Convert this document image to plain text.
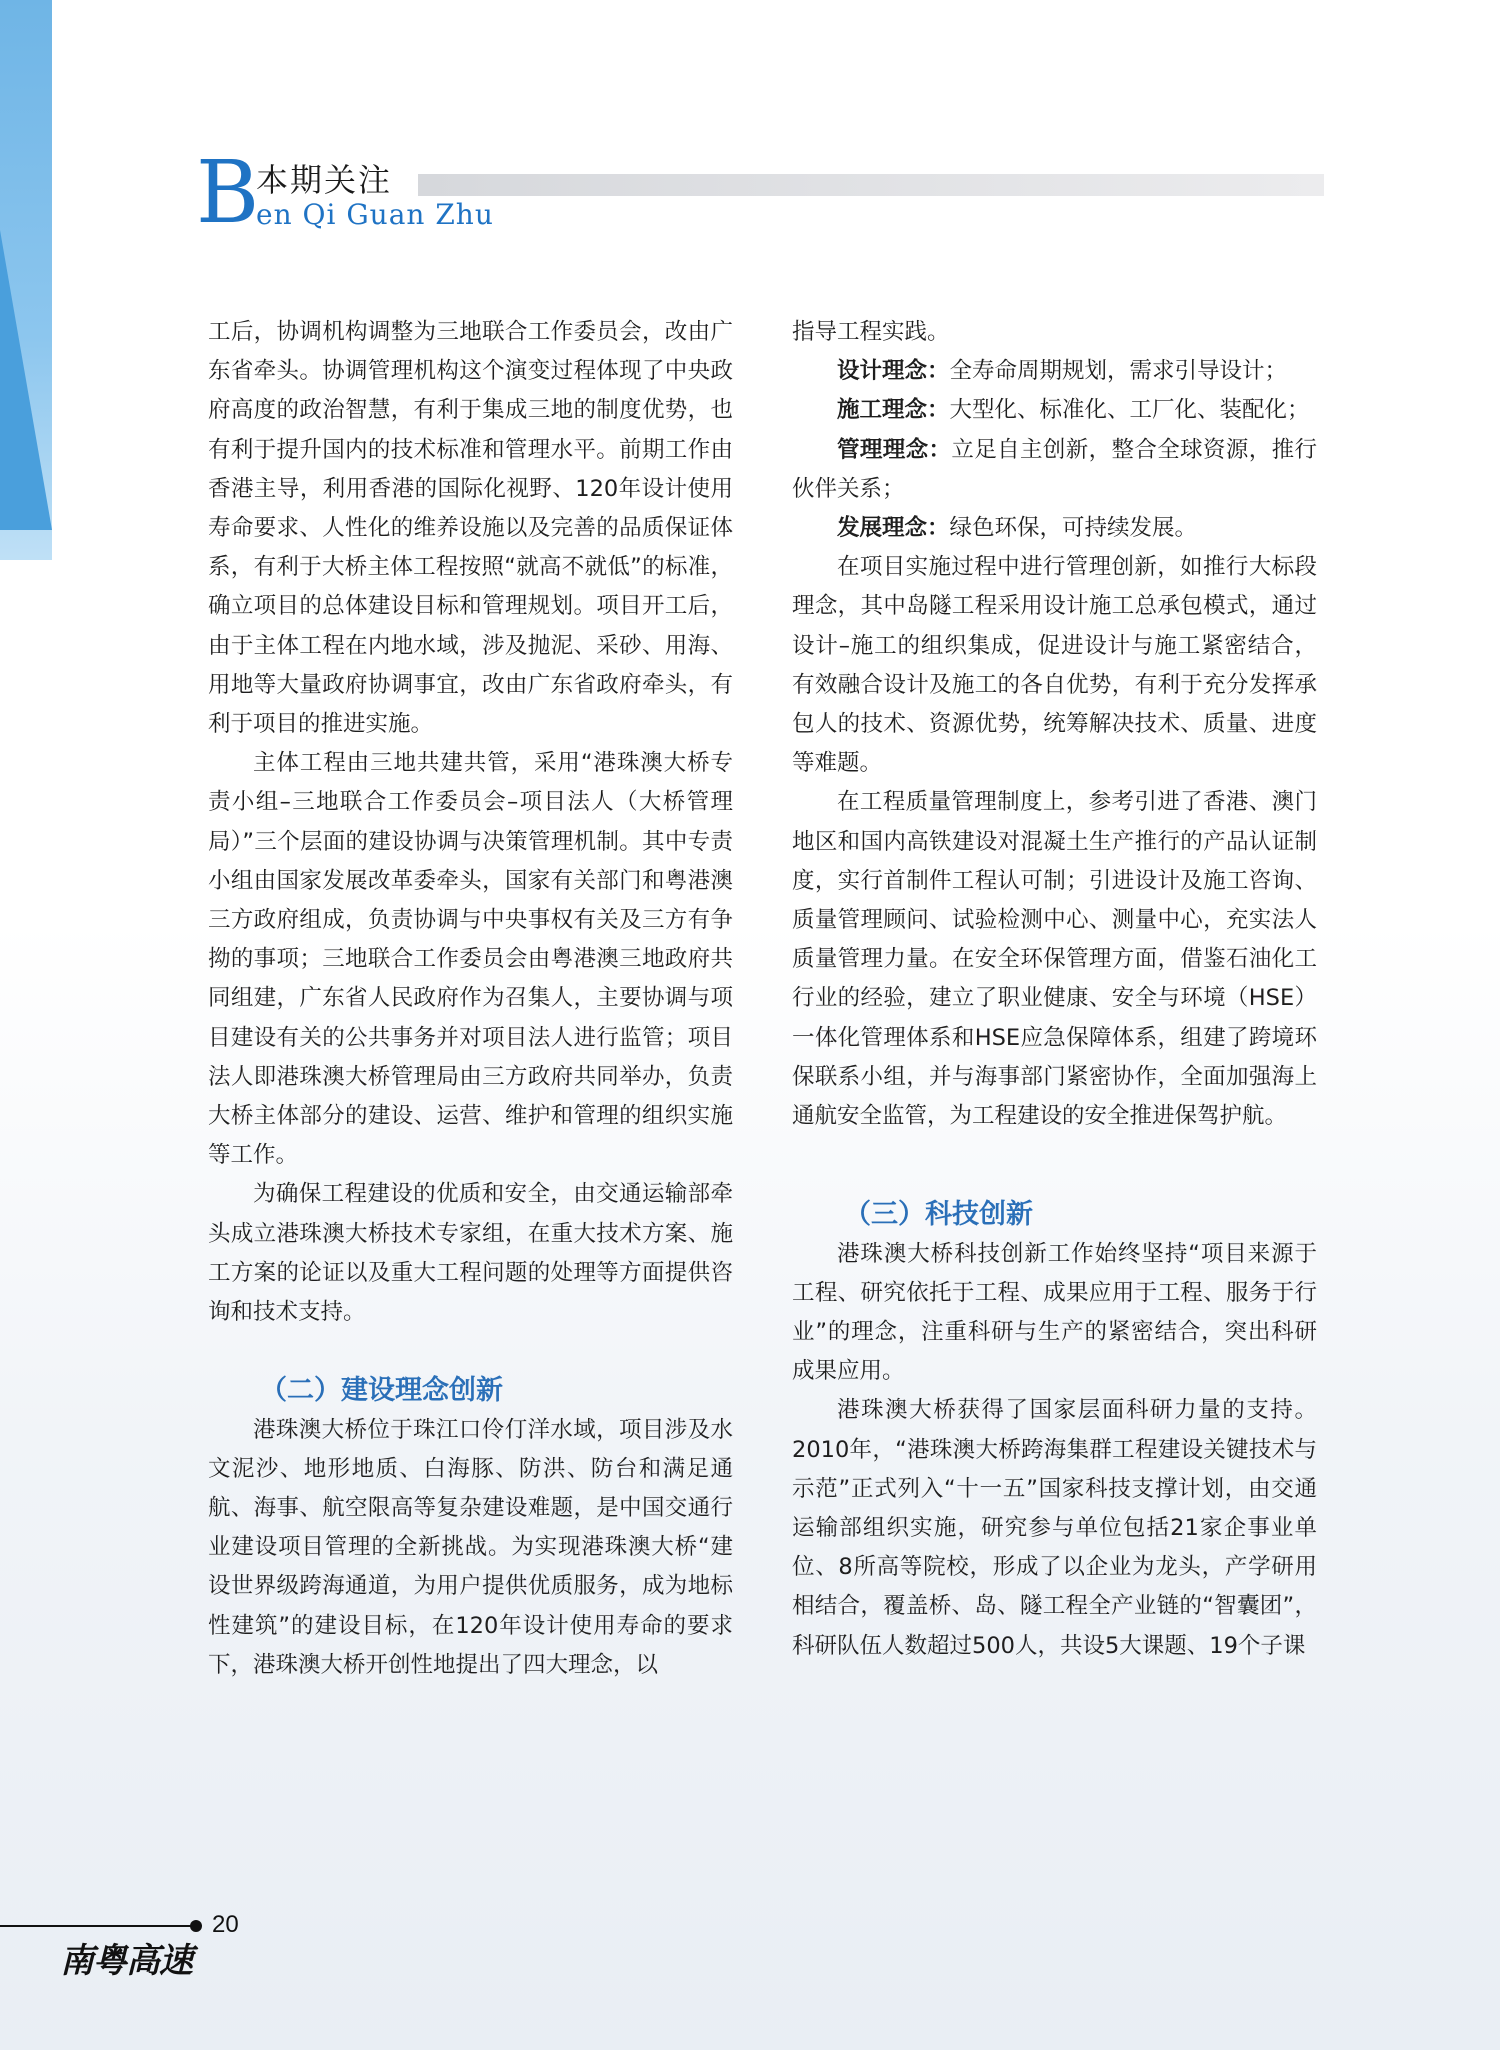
B
本期关注
en Qi Guan Zhu

工后，协调机构调整为三地联合工作委员会，改由广东省牵头。协调管理机构这个演变过程体现了中央政府高度的政治智慧，有利于集成三地的制度优势，也有利于提升国内的技术标准和管理水平。前期工作由香港主导，利用香港的国际化视野、120年设计使用寿命要求、人性化的维养设施以及完善的品质保证体系，有利于大桥主体工程按照“就高不就低”的标准，确立项目的总体建设目标和管理规划。项目开工后，由于主体工程在内地水域，涉及抛泥、采砂、用海、用地等大量政府协调事宜，改由广东省政府牵头，有利于项目的推进实施。

主体工程由三地共建共管，采用“港珠澳大桥专责小组–三地联合工作委员会–项目法人（大桥管理局）”三个层面的建设协调与决策管理机制。其中专责小组由国家发展改革委牵头，国家有关部门和粤港澳三方政府组成，负责协调与中央事权有关及三方有争拗的事项；三地联合工作委员会由粤港澳三地政府共同组建，广东省人民政府作为召集人，主要协调与项目建设有关的公共事务并对项目法人进行监管；项目法人即港珠澳大桥管理局由三方政府共同举办，负责大桥主体部分的建设、运营、维护和管理的组织实施等工作。

为确保工程建设的优质和安全，由交通运输部牵头成立港珠澳大桥技术专家组，在重大技术方案、施工方案的论证以及重大工程问题的处理等方面提供咨询和技术支持。

（二）建设理念创新

港珠澳大桥位于珠江口伶仃洋水域，项目涉及水文泥沙、地形地质、白海豚、防洪、防台和满足通航、海事、航空限高等复杂建设难题，是中国交通行业建设项目管理的全新挑战。为实现港珠澳大桥“建设世界级跨海通道，为用户提供优质服务，成为地标性建筑”的建设目标，在120年设计使用寿命的要求下，港珠澳大桥开创性地提出了四大理念，以

指导工程实践。

设计理念：全寿命周期规划，需求引导设计；

施工理念：大型化、标准化、工厂化、装配化；

管理理念：立足自主创新，整合全球资源，推行伙伴关系；

发展理念：绿色环保，可持续发展。

在项目实施过程中进行管理创新，如推行大标段理念，其中岛隧工程采用设计施工总承包模式，通过设计–施工的组织集成，促进设计与施工紧密结合，有效融合设计及施工的各自优势，有利于充分发挥承包人的技术、资源优势，统筹解决技术、质量、进度等难题。

在工程质量管理制度上，参考引进了香港、澳门地区和国内高铁建设对混凝土生产推行的产品认证制度，实行首制件工程认可制；引进设计及施工咨询、质量管理顾问、试验检测中心、测量中心，充实法人质量管理力量。在安全环保管理方面，借鉴石油化工行业的经验，建立了职业健康、安全与环境（HSE）一体化管理体系和HSE应急保障体系，组建了跨境环保联系小组，并与海事部门紧密协作，全面加强海上通航安全监管，为工程建设的安全推进保驾护航。

（三）科技创新

港珠澳大桥科技创新工作始终坚持“项目来源于工程、研究依托于工程、成果应用于工程、服务于行业”的理念，注重科研与生产的紧密结合，突出科研成果应用。

港珠澳大桥获得了国家层面科研力量的支持。2010年，“港珠澳大桥跨海集群工程建设关键技术与示范”正式列入“十一五”国家科技支撑计划，由交通运输部组织实施，研究参与单位包括21家企事业单位、8所高等院校，形成了以企业为龙头，产学研用相结合，覆盖桥、岛、隧工程全产业链的“智囊团”，科研队伍人数超过500人，共设5大课题、19个子课

20
南粤高速
